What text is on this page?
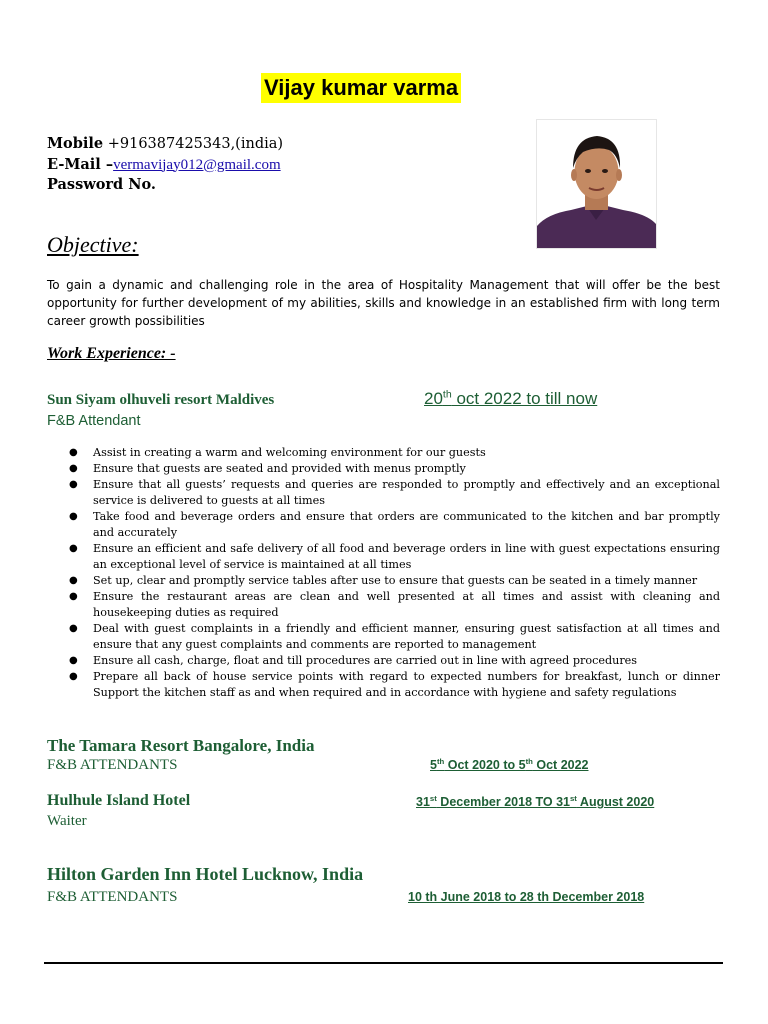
Vijay kumar varma
Mobile +916387425343,(india)
E-Mail –vermavijay012@gmail.com
Password No.
Objective:
To gain a dynamic and challenging role in the area of Hospitality Management that will offer be the best opportunity for further development of my abilities, skills and knowledge in an established firm with long term career growth possibilities
Work Experience: -
Sun Siyam olhuveli resort Maldives	20th oct 2022 to till now
F&B Attendant
● Assist in creating a warm and welcoming environment for our guests
● Ensure that guests are seated and provided with menus promptly
● Ensure that all guests’ requests and queries are responded to promptly and effectively and an exceptional service is delivered to guests at all times
● Take food and beverage orders and ensure that orders are communicated to the kitchen and bar promptly and accurately
● Ensure an efficient and safe delivery of all food and beverage orders in line with guest expectations ensuring an exceptional level of service is maintained at all times
● Set up, clear and promptly service tables after use to ensure that guests can be seated in a timely manner
● Ensure the restaurant areas are clean and well presented at all times and assist with cleaning and housekeeping duties as required
● Deal with guest complaints in a friendly and efficient manner, ensuring guest satisfaction at all times and ensure that any guest complaints and comments are reported to management
● Ensure all cash, charge, float and till procedures are carried out in line with agreed procedures
● Prepare all back of house service points with regard to expected numbers for breakfast, lunch or dinner Support the kitchen staff as and when required and in accordance with hygiene and safety regulations
The Tamara Resort Bangalore, India
F&B ATTENDANTS	5th Oct 2020 to 5th Oct 2022
Hulhule Island Hotel
Waiter
31st December 2018 TO 31st August 2020
Hilton Garden Inn Hotel Lucknow, India
F&B ATTENDANTS	10 th June 2018 to 28 th December 2018
